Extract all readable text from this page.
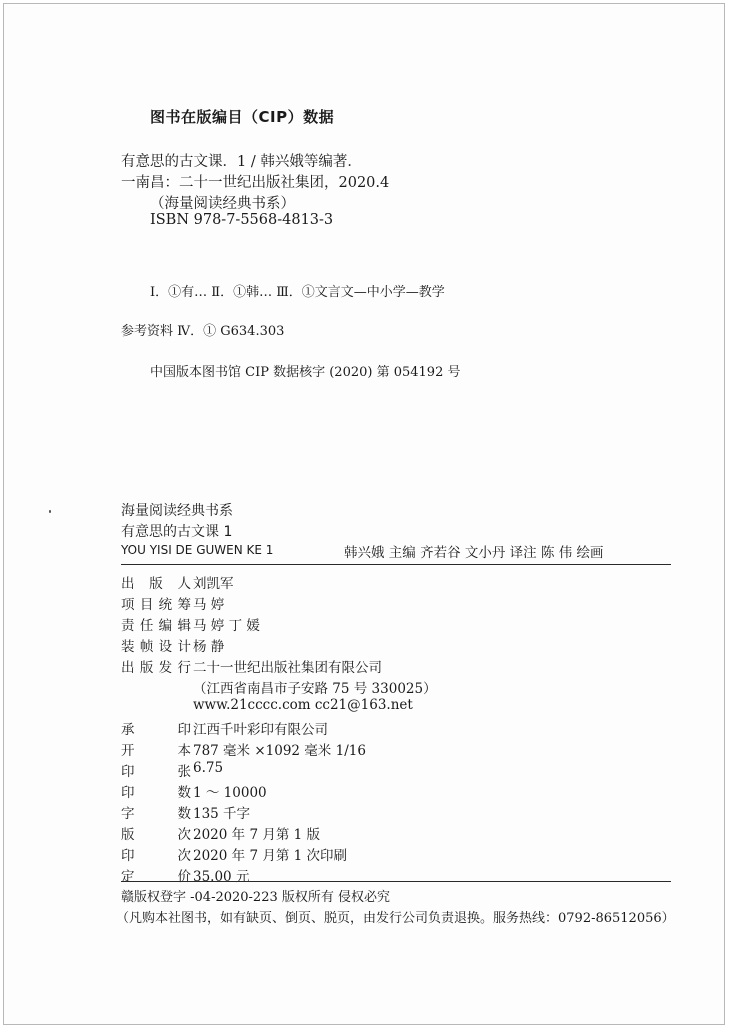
图书在版编目（CIP）数据
有意思的古文课．1 / 韩兴娥等编著．
一南昌：二十一世纪出版社集团，2020.4
（海量阅读经典书系）
ISBN 978-7-5568-4813-3
Ⅰ．①有… Ⅱ．①韩… Ⅲ．①文言文—中小学—教学
参考资料 Ⅳ．① G634.303
中国版本图书馆 CIP 数据核字 (2020) 第 054192 号
海量阅读经典书系
有意思的古文课 1
YOU YISI DE GUWEN KE 1	韩兴娥 主编 齐若谷 文小丹 译注 陈 伟 绘画
出 版 人 刘凯军
项目统筹 马 婷
责任编辑 马 婷 丁 媛
装帧设计 杨 静
出版发行 二十一世纪出版社集团有限公司
（江西省南昌市子安路 75 号 330025）
www.21cccc.com cc21@163.net
承 印 江西千叶彩印有限公司
开 本 787 毫米 ×1092 毫米 1/16
印 张 6.75
印 数 1 ～ 10000
字 数 135 千字
版 次 2020 年 7 月第 1 版
印 次 2020 年 7 月第 1 次印刷
定 价 35.00 元
赣版权登字 -04-2020-223 版权所有 侵权必究
（凡购本社图书，如有缺页、倒页、脱页，由发行公司负责退换。服务热线：0792-86512056）
